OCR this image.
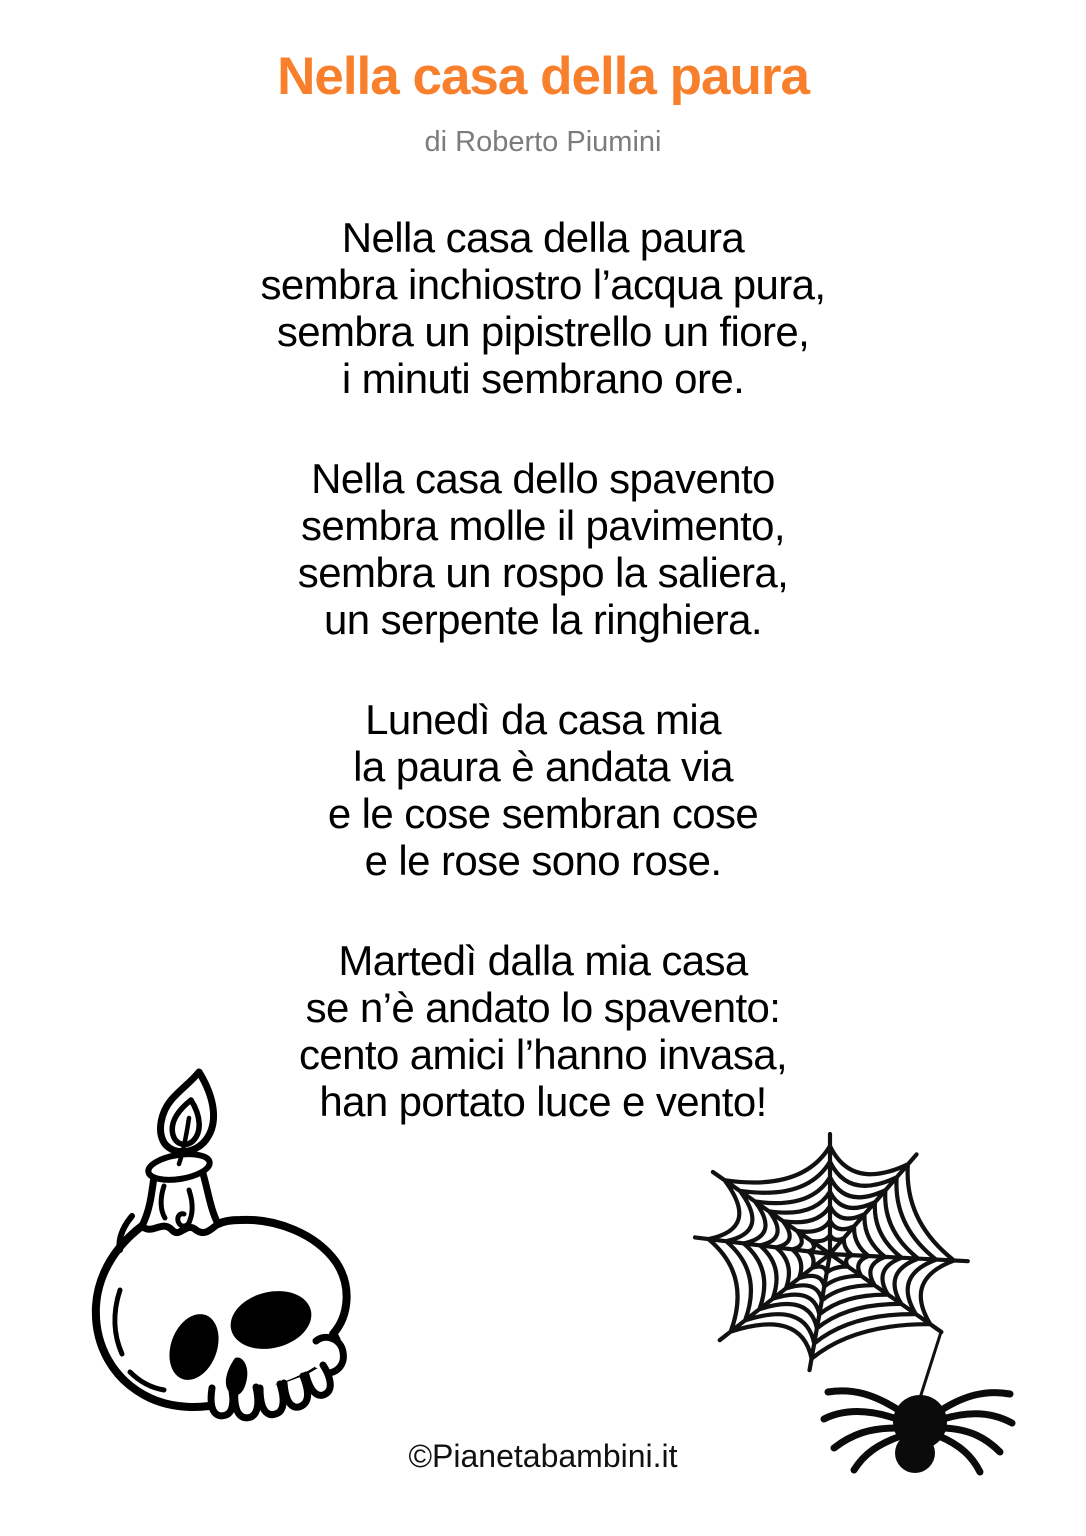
Nella casa della paura
di Roberto Piumini
Nella casa della paura
sembra inchiostro l’acqua pura,
sembra un pipistrello un fiore,
i minuti sembrano ore.
Nella casa dello spavento
sembra molle il pavimento,
sembra un rospo la saliera,
un serpente la ringhiera.
Lunedì da casa mia
la paura è andata via
e le cose sembran cose
e le rose sono rose.
Martedì dalla mia casa
se n’è andato lo spavento:
cento amici l’hanno invasa,
han portato luce e vento!
©Pianetabambini.it
